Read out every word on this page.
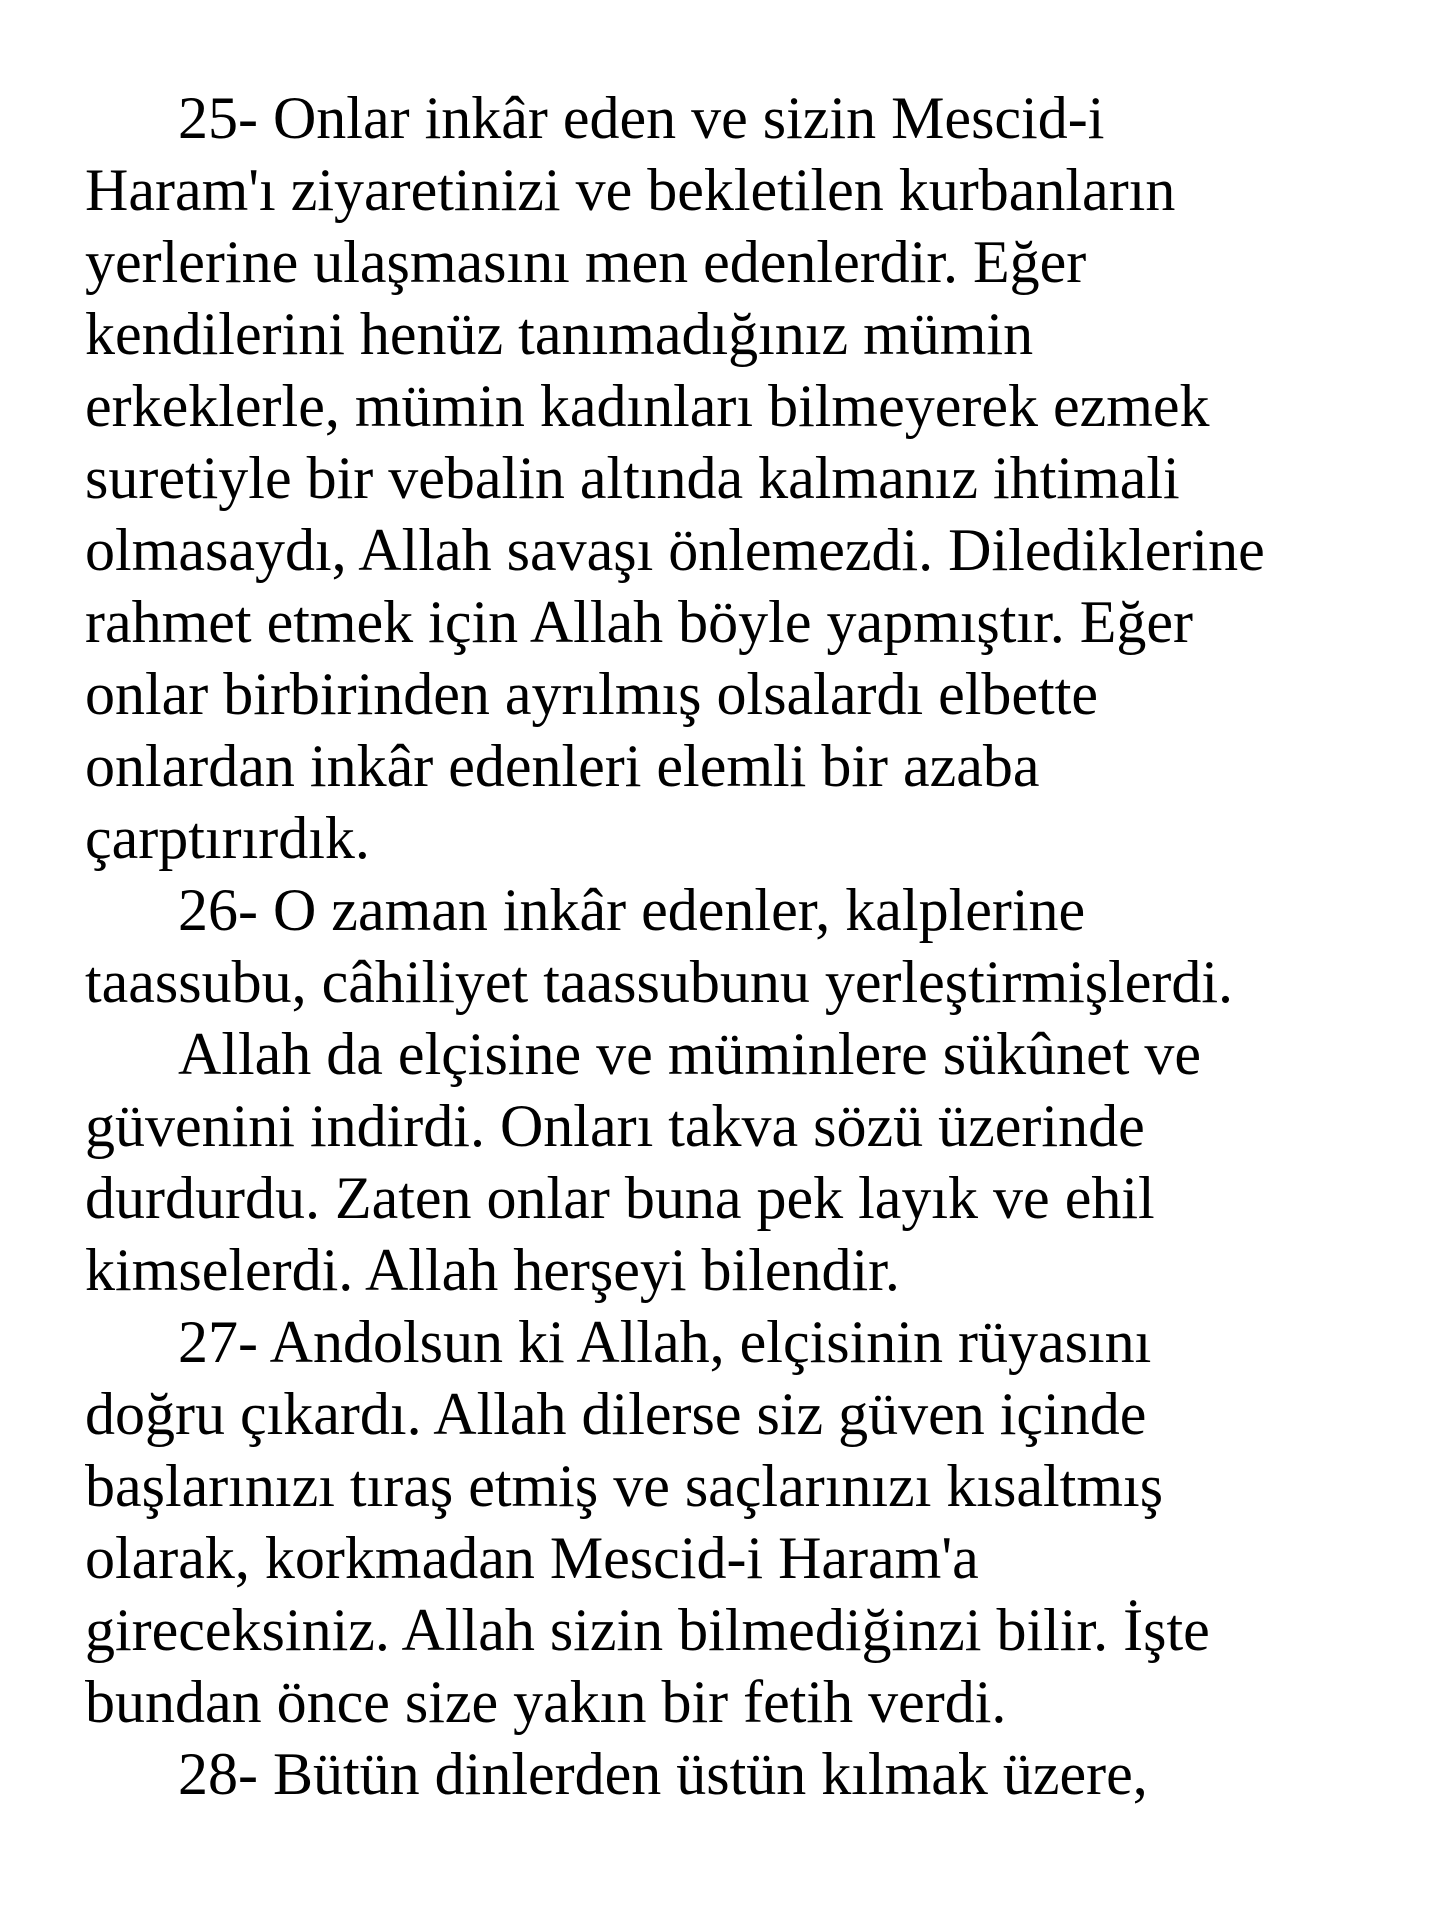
25- Onlar inkâr eden ve sizin Mescid-i
Haram'ı ziyaretinizi ve bekletilen kurbanların
yerlerine ulaşmasını men edenlerdir. Eğer
kendilerini henüz tanımadığınız mümin
erkeklerle, mümin kadınları bilmeyerek ezmek
suretiyle bir vebalin altında kalmanız ihtimali
olmasaydı, Allah savaşı önlemezdi. Dilediklerine
rahmet etmek için Allah böyle yapmıştır. Eğer
onlar birbirinden ayrılmış olsalardı elbette
onlardan inkâr edenleri elemli bir azaba
çarptırırdık.
26- O zaman inkâr edenler, kalplerine
taassubu, câhiliyet taassubunu yerleştirmişlerdi.
Allah da elçisine ve müminlere sükûnet ve
güvenini indirdi. Onları takva sözü üzerinde
durdurdu. Zaten onlar buna pek layık ve ehil
kimselerdi. Allah herşeyi bilendir.
27- Andolsun ki Allah, elçisinin rüyasını
doğru çıkardı. Allah dilerse siz güven içinde
başlarınızı tıraş etmiş ve saçlarınızı kısaltmış
olarak, korkmadan Mescid-i Haram'a
gireceksiniz. Allah sizin bilmediğinzi bilir. İşte
bundan önce size yakın bir fetih verdi.
28- Bütün dinlerden üstün kılmak üzere,
